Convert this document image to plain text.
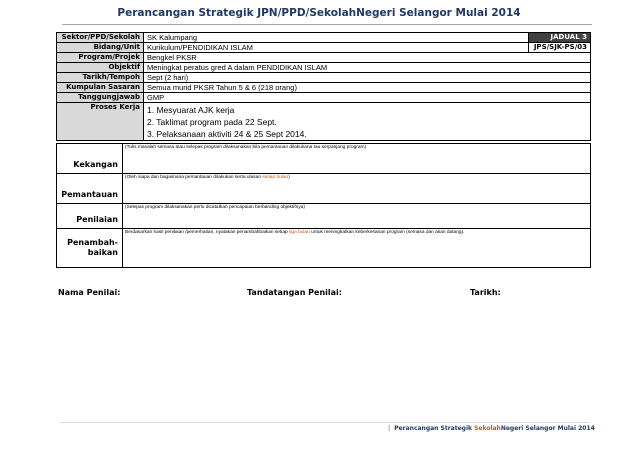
Perancangan Strategik JPN/PPD/SekolahNegeri Selangor Mulai 2014
Sektor/PPD/Sekolah	SK Kalumpang	JADUAL 3
Bidang/Unit	Kurikulum/PENDIDIKAN ISLAM	JPS/SJK-PS/03
Program/Projek	Bengkel PKSR	
Objektif	Meningkat peratus gred A dalam PENDIDIKAN ISLAM	
Tarikh/Tempoh	Sept (2 hari)	
Kumpulan Sasaran	Semua murid PKSR Tahun 5 & 6 (218 orang)	
Tanggungjawab	GMP	
Proses Kerja	1. Mesyuarat AJK kerja
2. Taklimat program pada 22 Sept.
3. Pelaksanaan aktiviti 24 & 25 Sept 2014.	
Kekangan	(Tulis masalah semasa atau selepas program dilaksanakan bila pemantauan dilakukana tau serpanjang program)
Pemantauan	(Oleh siapa dan bagaimana pemantauan dilakukan serta ulasan setiap bulan)
Penilaian	(Selepas program dilaksanakan perlu dicatatkan pencapaian berbanding objektifnya)

Penambah-
baikan	Berdasarkan hasil penilaian /pemerhatian, nyatakan penambahbaikan setiap tiga bulan untuk meningkatkan keberkesanan program (semasa dan akan datang).
Nama Penilai:	Tandatangan Penilai:	Tarikh:
| Perancangan Strategik SekolahNegeri Selangor Mulai 2014
